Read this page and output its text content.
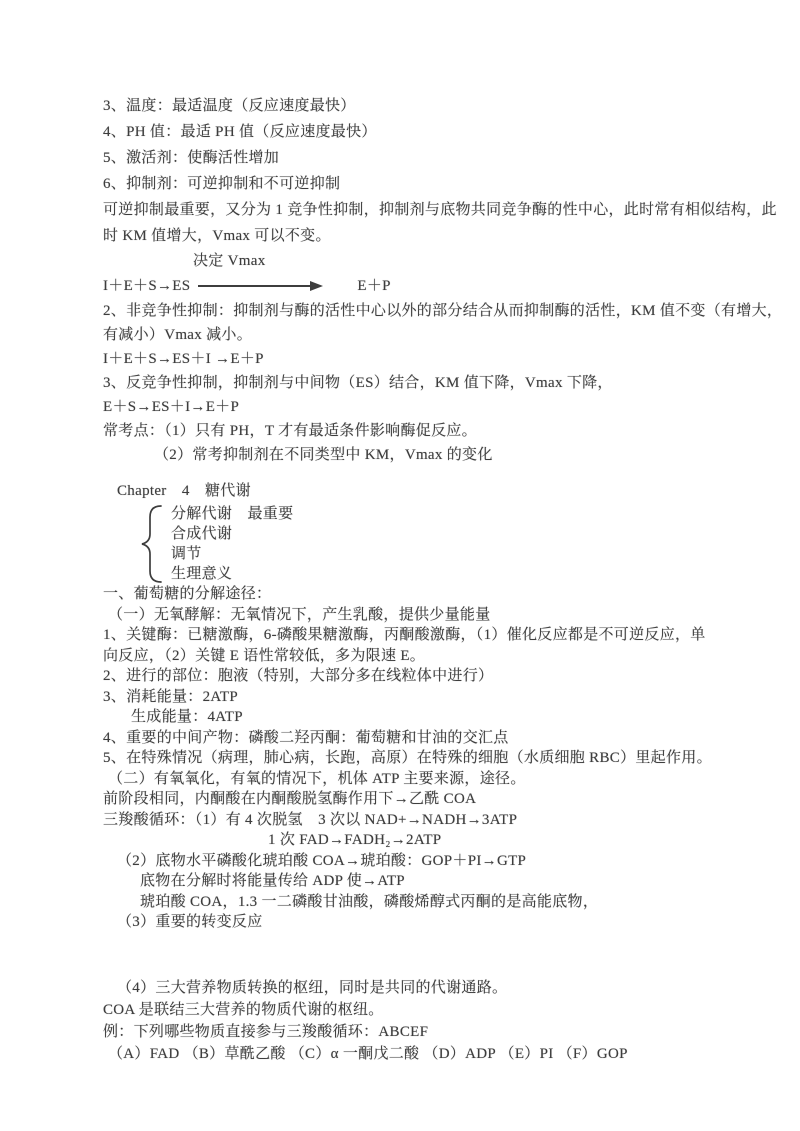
3、温度：最适温度（反应速度最快）
4、PH 值：最适 PH 值（反应速度最快）
5、激活剂：使酶活性增加
6、抑制剂：可逆抑制和不可逆抑制
可逆抑制最重要，又分为 1 竞争性抑制，抑制剂与底物共同竞争酶的性中心，此时常有相似结构，此
时 KM 值增大，Vmax 可以不变。
决定 Vmax
I＋E＋S→ES	E＋P
2、非竞争性抑制：抑制剂与酶的活性中心以外的部分结合从而抑制酶的活性，KM 值不变（有增大，
有减小）Vmax 减小。
I＋E＋S→ES＋I →E＋P
3、反竞争性抑制，抑制剂与中间物（ES）结合，KM 值下降，Vmax 下降，
E＋S→ES＋I→E＋P
常考点：（1）只有 PH，T 才有最适条件影响酶促反应。
（2）常考抑制剂在不同类型中 KM，Vmax 的变化
Chapter　4　糖代谢
分解代谢　最重要
合成代谢
调节
生理意义
一、葡萄糖的分解途径：
（一）无氧酵解：无氧情况下，产生乳酸，提供少量能量
1、关键酶：已糖激酶，6-磷酸果糖激酶，丙酮酸激酶，（1）催化反应都是不可逆反应，单
向反应，（2）关键 E 语性常较低，多为限速 E。
2、进行的部位：胞液（特别，大部分多在线粒体中进行）
3、消耗能量：2ATP
生成能量：4ATP
4、重要的中间产物：磷酸二羟丙酮：葡萄糖和甘油的交汇点
5、在特殊情况（病理，肺心病，长跑，高原）在特殊的细胞（水质细胞 RBC）里起作用。
（二）有氧氧化，有氧的情况下，机体 ATP 主要来源，途径。
前阶段相同，内酮酸在内酮酸脱氢酶作用下→乙酰 COA
三羧酸循环：（1）有 4 次脱氢　3 次以 NAD+→NADH→3ATP
1 次 FAD→FADH₂→2ATP
（2）底物水平磷酸化琥珀酸 COA→琥珀酸：GOP＋PI→GTP
底物在分解时将能量传给 ADP 使→ATP
琥珀酸 COA，1.3 一二磷酸甘油酸，磷酸烯醇式丙酮的是高能底物，
（3）重要的转变反应
（4）三大营养物质转换的枢纽，同时是共同的代谢通路。
COA 是联结三大营养的物质代谢的枢纽。
例：下列哪些物质直接参与三羧酸循环：ABCEF
（A）FAD （B）草酰乙酸 （C）α 一酮戊二酸 （D）ADP （E）PI （F）GOP
